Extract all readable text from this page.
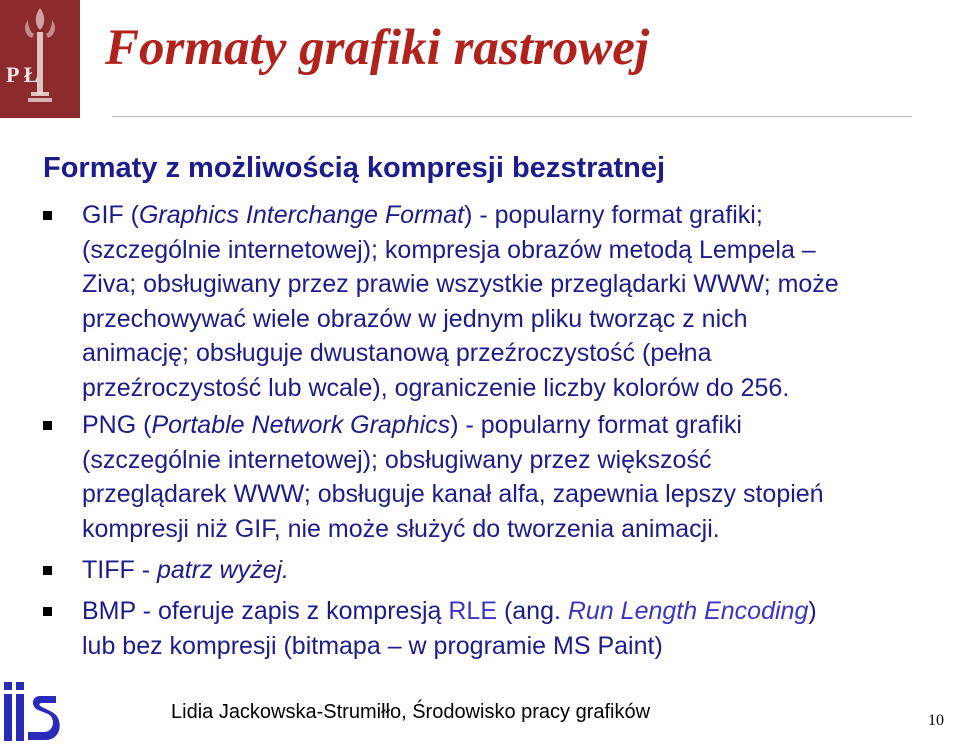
P Ł Formaty grafiki rastrowej
Formaty z możliwością kompresji bezstratnej
GIF (Graphics Interchange Format) - popularny format grafiki;
(szczególnie internetowej); kompresja obrazów metodą Lempela –
Ziva; obsługiwany przez prawie wszystkie przeglądarki WWW; może
przechowywać wiele obrazów w jednym pliku tworząc z nich
animację; obsługuje dwustanową przeźroczystość (pełna
przeźroczystość lub wcale), ograniczenie liczby kolorów do 256.
PNG (Portable Network Graphics) - popularny format grafiki
(szczególnie internetowej); obsługiwany przez większość
przeglądarek WWW; obsługuje kanał alfa, zapewnia lepszy stopień
kompresji niż GIF, nie może służyć do tworzenia animacji.
TIFF - patrz wyżej.
BMP - oferuje zapis z kompresją RLE (ang. Run Length Encoding)
lub bez kompresji (bitmapa – w programie MS Paint)

Lidia Jackowska-Strumiłło, Środowisko pracy grafików	10
